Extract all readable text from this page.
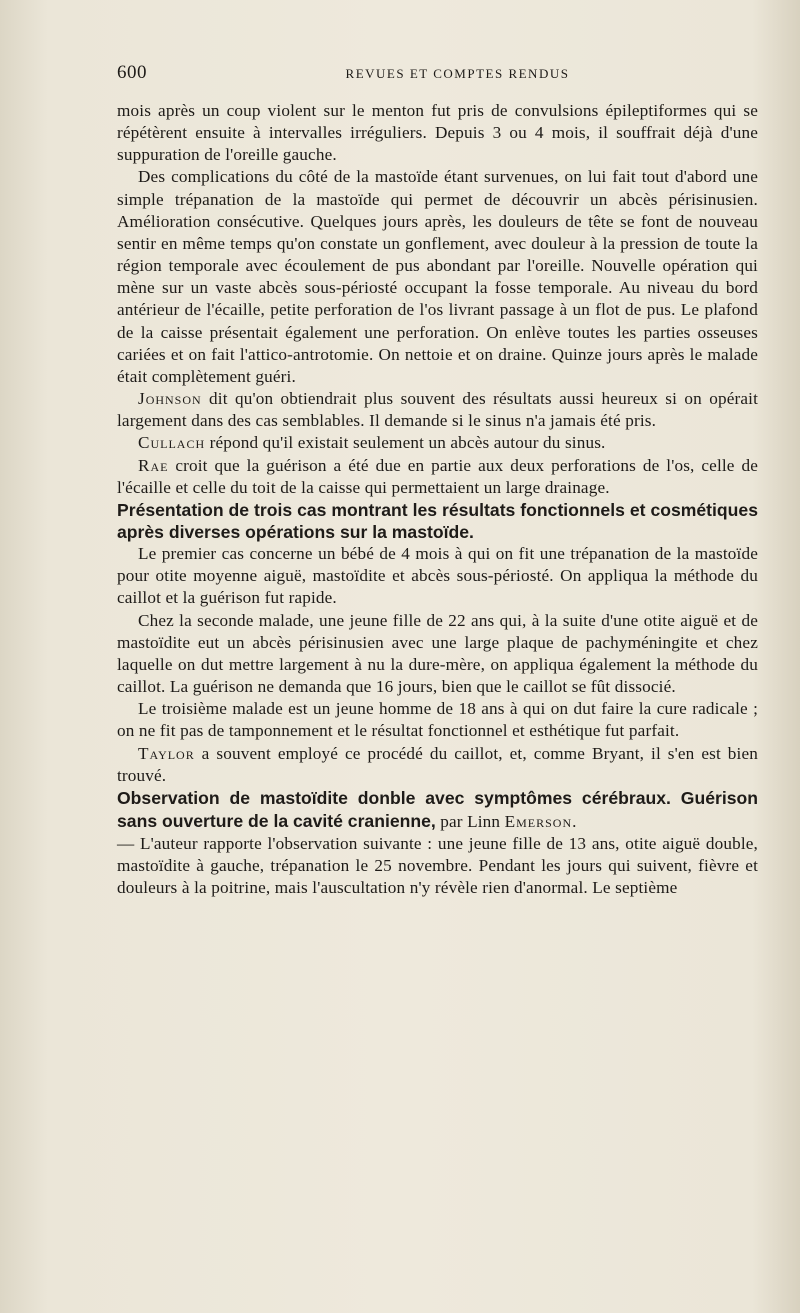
600	REVUES ET COMPTES RENDUS

mois après un coup violent sur le menton fut pris de convulsions épileptiformes qui se répétèrent ensuite à intervalles irréguliers. Depuis 3 ou 4 mois, il souffrait déjà d'une suppuration de l'oreille gauche.

Des complications du côté de la mastoïde étant survenues, on lui fait tout d'abord une simple trépanation de la mastoïde qui permet de découvrir un abcès périsinusien. Amélioration consécutive. Quelques jours après, les douleurs de tête se font de nouveau sentir en même temps qu'on constate un gonflement, avec douleur à la pression de toute la région temporale avec écoulement de pus abondant par l'oreille. Nouvelle opération qui mène sur un vaste abcès sous-périosté occupant la fosse temporale. Au niveau du bord antérieur de l'écaille, petite perforation de l'os livrant passage à un flot de pus. Le plafond de la caisse présentait également une perforation. On enlève toutes les parties osseuses cariées et on fait l'attico-antrotomie. On nettoie et on draine. Quinze jours après le malade était complètement guéri.

Johnson dit qu'on obtiendrait plus souvent des résultats aussi heureux si on opérait largement dans des cas semblables. Il demande si le sinus n'a jamais été pris.

Cullach répond qu'il existait seulement un abcès autour du sinus.

Rae croit que la guérison a été due en partie aux deux perforations de l'os, celle de l'écaille et celle du toit de la caisse qui permettaient un large drainage.

Présentation de trois cas montrant les résultats fonctionnels et cosmétiques après diverses opérations sur la mastoïde.

Le premier cas concerne un bébé de 4 mois à qui on fit une trépanation de la mastoïde pour otite moyenne aiguë, mastoïdite et abcès sous-périosté. On appliqua la méthode du caillot et la guérison fut rapide.

Chez la seconde malade, une jeune fille de 22 ans qui, à la suite d'une otite aiguë et de mastoïdite eut un abcès périsinusien avec une large plaque de pachyméningite et chez laquelle on dut mettre largement à nu la dure-mère, on appliqua également la méthode du caillot. La guérison ne demanda que 16 jours, bien que le caillot se fût dissocié.

Le troisième malade est un jeune homme de 18 ans à qui on dut faire la cure radicale ; on ne fit pas de tamponnement et le résultat fonctionnel et esthétique fut parfait.

Taylor a souvent employé ce procédé du caillot, et, comme Bryant, il s'en est bien trouvé.

Observation de mastoïdite donble avec symptômes cérébraux. Guérison sans ouverture de la cavité cranienne, par Linn Emerson.

— L'auteur rapporte l'observation suivante : une jeune fille de 13 ans, otite aiguë double, mastoïdite à gauche, trépanation le 25 novembre. Pendant les jours qui suivent, fièvre et douleurs à la poitrine, mais l'auscultation n'y révèle rien d'anormal. Le septième
